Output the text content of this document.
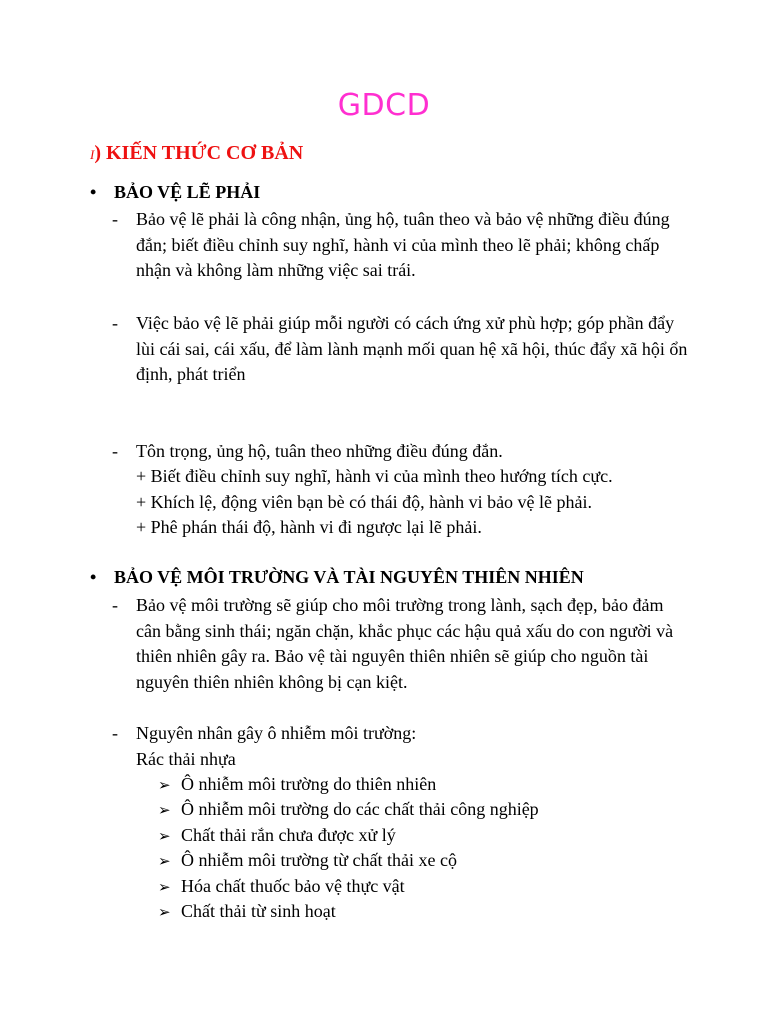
GDCD
I) KIẾN THỨC CƠ BẢN
• BẢO VỆ LẼ PHẢI
- Bảo vệ lẽ phải là công nhận, ủng hộ, tuân theo và bảo vệ những điều đúng đắn; biết điều chỉnh suy nghĩ, hành vi của mình theo lẽ phải; không chấp nhận và không làm những việc sai trái.
- Việc bảo vệ lẽ phải giúp mỗi người có cách ứng xử phù hợp; góp phần đẩy lùi cái sai, cái xấu, để làm lành mạnh mối quan hệ xã hội, thúc đẩy xã hội ổn định, phát triển
- Tôn trọng, ủng hộ, tuân theo những điều đúng đắn.
+ Biết điều chỉnh suy nghĩ, hành vi của mình theo hướng tích cực.
+ Khích lệ, động viên bạn bè có thái độ, hành vi bảo vệ lẽ phải.
+ Phê phán thái độ, hành vi đi ngược lại lẽ phải.
• BẢO VỆ MÔI TRƯỜNG VÀ TÀI NGUYÊN THIÊN NHIÊN
- Bảo vệ môi trường sẽ giúp cho môi trường trong lành, sạch đẹp, bảo đảm cân bằng sinh thái; ngăn chặn, khắc phục các hậu quả xấu do con người và thiên nhiên gây ra. Bảo vệ tài nguyên thiên nhiên sẽ giúp cho nguồn tài nguyên thiên nhiên không bị cạn kiệt.
- Nguyên nhân gây ô nhiễm môi trường:
Rác thải nhựa
➢ Ô nhiễm môi trường do thiên nhiên
➢ Ô nhiễm môi trường do các chất thải công nghiệp
➢ Chất thải rắn chưa được xử lý
➢ Ô nhiễm môi trường từ chất thải xe cộ
➢ Hóa chất thuốc bảo vệ thực vật
➢ Chất thải từ sinh hoạt
